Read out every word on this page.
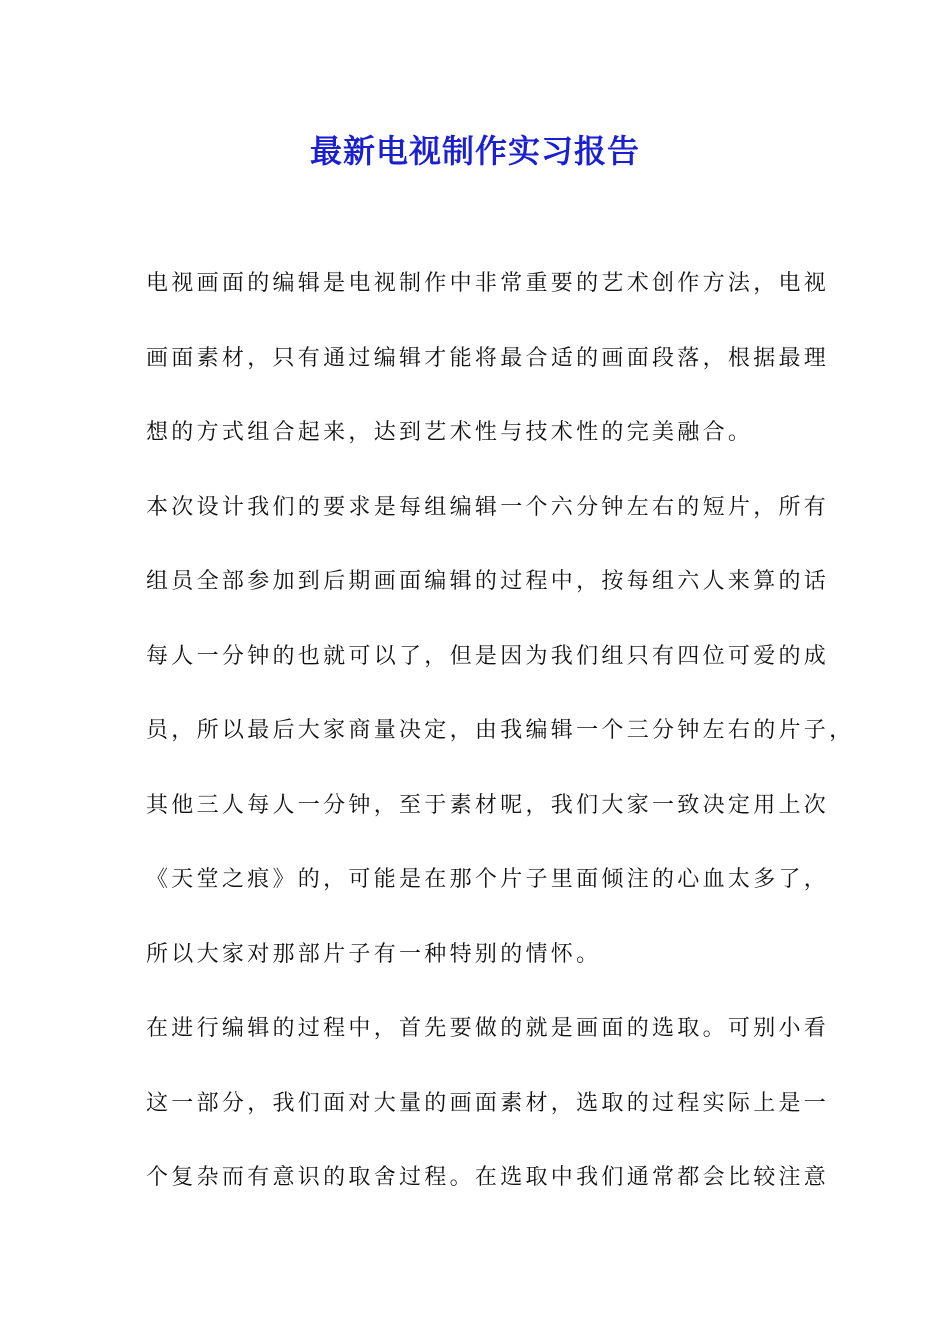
最新电视制作实习报告

电视画面的编辑是电视制作中非常重要的艺术创作方法，电视

画面素材，只有通过编辑才能将最合适的画面段落，根据最理

想的方式组合起来，达到艺术性与技术性的完美融合。

本次设计我们的要求是每组编辑一个六分钟左右的短片，所有

组员全部参加到后期画面编辑的过程中，按每组六人来算的话

每人一分钟的也就可以了，但是因为我们组只有四位可爱的成

员，所以最后大家商量决定，由我编辑一个三分钟左右的片子，

其他三人每人一分钟，至于素材呢，我们大家一致决定用上次

《天堂之痕》的，可能是在那个片子里面倾注的心血太多了，

所以大家对那部片子有一种特别的情怀。

在进行编辑的过程中，首先要做的就是画面的选取。可别小看

这一部分，我们面对大量的画面素材，选取的过程实际上是一

个复杂而有意识的取舍过程。在选取中我们通常都会比较注意
